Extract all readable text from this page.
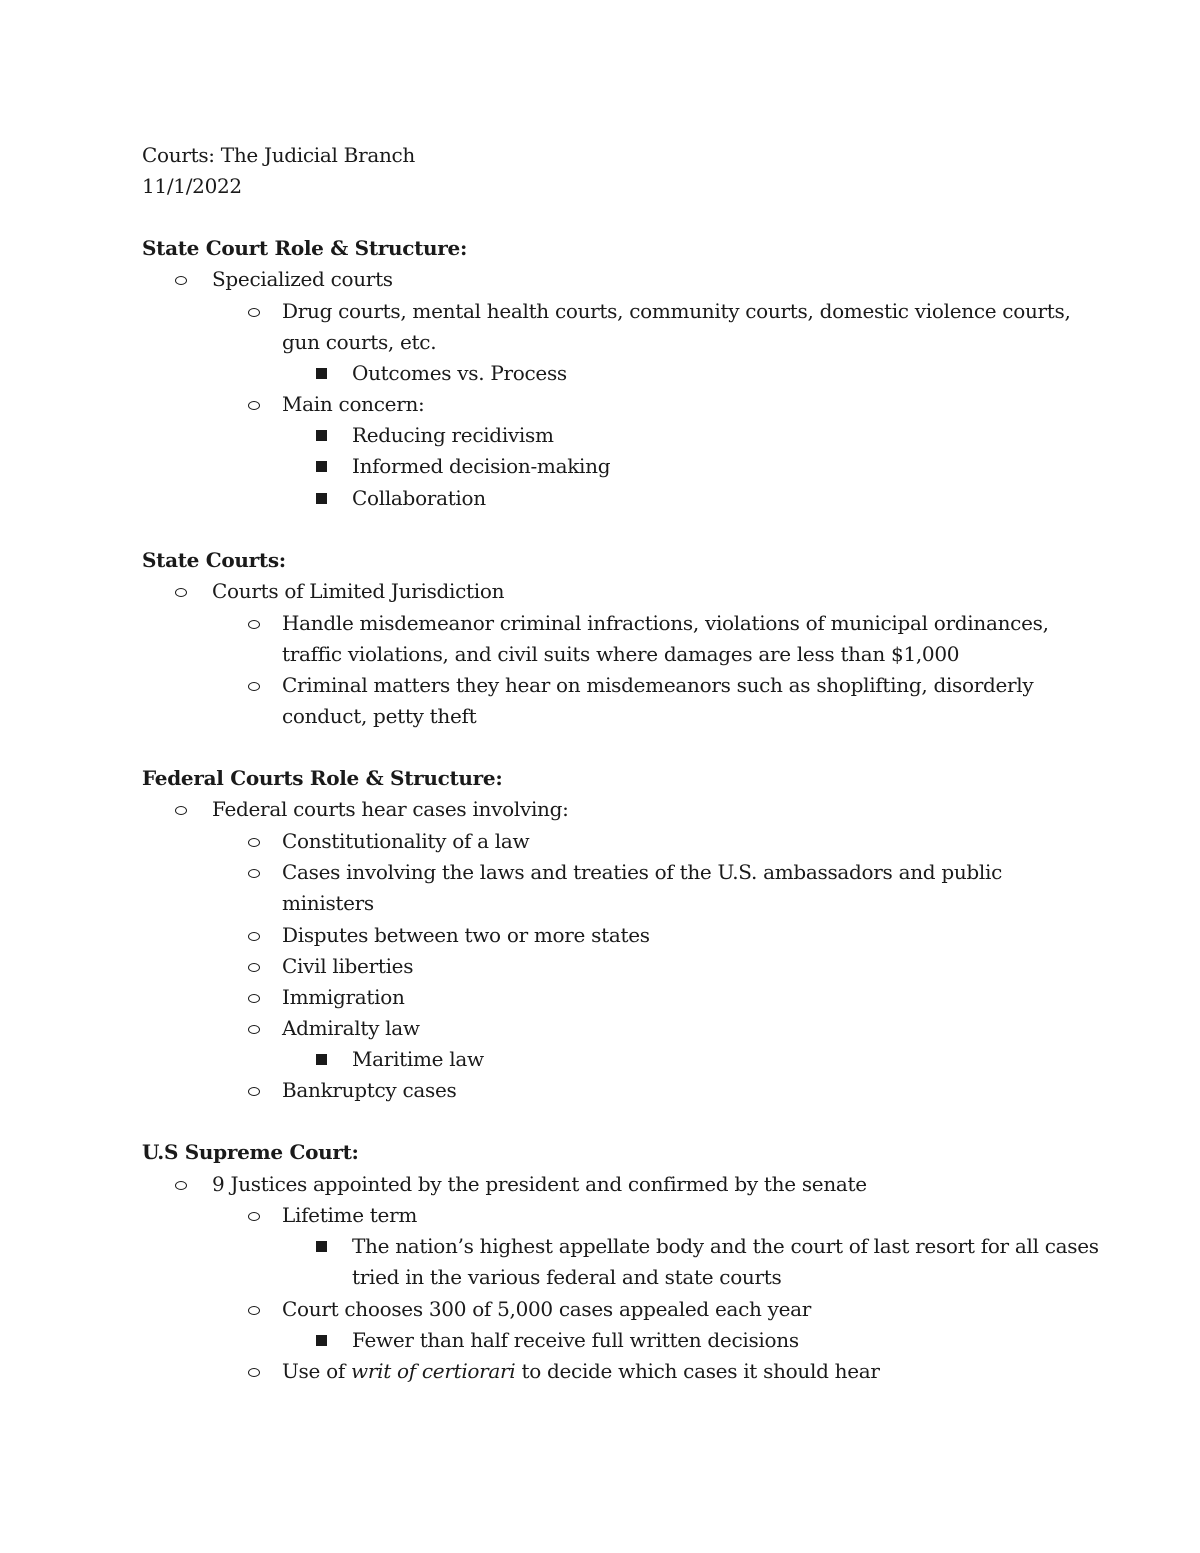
Courts: The Judicial Branch
11/1/2022
State Court Role & Structure:
Specialized courts
Drug courts, mental health courts, community courts, domestic violence courts,
gun courts, etc.
Outcomes vs. Process
Main concern:
Reducing recidivism
Informed decision-making
Collaboration
State Courts:
Courts of Limited Jurisdiction
Handle misdemeanor criminal infractions, violations of municipal ordinances,
traffic violations, and civil suits where damages are less than $1,000
Criminal matters they hear on misdemeanors such as shoplifting, disorderly
conduct, petty theft
Federal Courts Role & Structure:
Federal courts hear cases involving:
Constitutionality of a law
Cases involving the laws and treaties of the U.S. ambassadors and public
ministers
Disputes between two or more states
Civil liberties
Immigration
Admiralty law
Maritime law
Bankruptcy cases
U.S Supreme Court:
9 Justices appointed by the president and confirmed by the senate
Lifetime term
The nation’s highest appellate body and the court of last resort for all cases
tried in the various federal and state courts
Court chooses 300 of 5,000 cases appealed each year
Fewer than half receive full written decisions
Use of writ of certiorari to decide which cases it should hear
